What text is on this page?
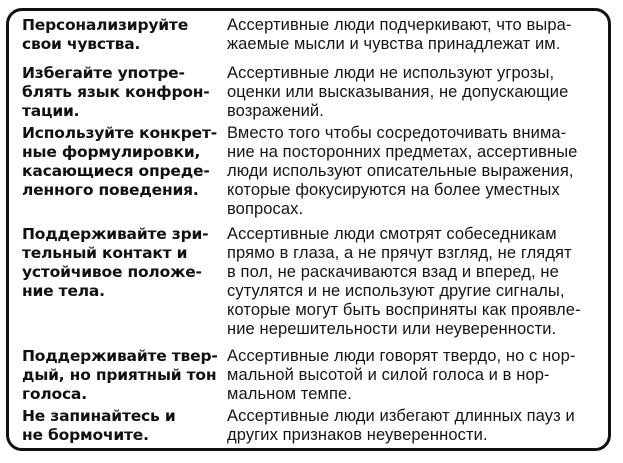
Персонализируйте
свои чувства.
Ассертивные люди подчеркивают, что выра-
жаемые мысли и чувства принадлежат им.
Избегайте употре-
блять язык конфрон-
тации.
Ассертивные люди не используют угрозы,
оценки или высказывания, не допускающие
возражений.
Используйте конкрет-
ные формулировки,
касающиеся опреде-
ленного поведения.
Вместо того чтобы сосредоточивать внима-
ние на посторонних предметах, ассертивные
люди используют описательные выражения,
которые фокусируются на более уместных
вопросах.
Поддерживайте зри-
тельный контакт и
устойчивое положе-
ние тела.
Ассертивные люди смотрят собеседникам
прямо в глаза, а не прячут взгляд, не глядят
в пол, не раскачиваются взад и вперед, не
сутулятся и не используют другие сигналы,
которые могут быть восприняты как проявле-
ние нерешительности или неуверенности.
Поддерживайте твер-
дый, но приятный тон
голоса.
Ассертивные люди говорят твердо, но с нор-
мальной высотой и силой голоса и в нор-
мальном темпе.
Не запинайтесь и
не бормочите.
Ассертивные люди избегают длинных пауз и
других признаков неуверенности.
